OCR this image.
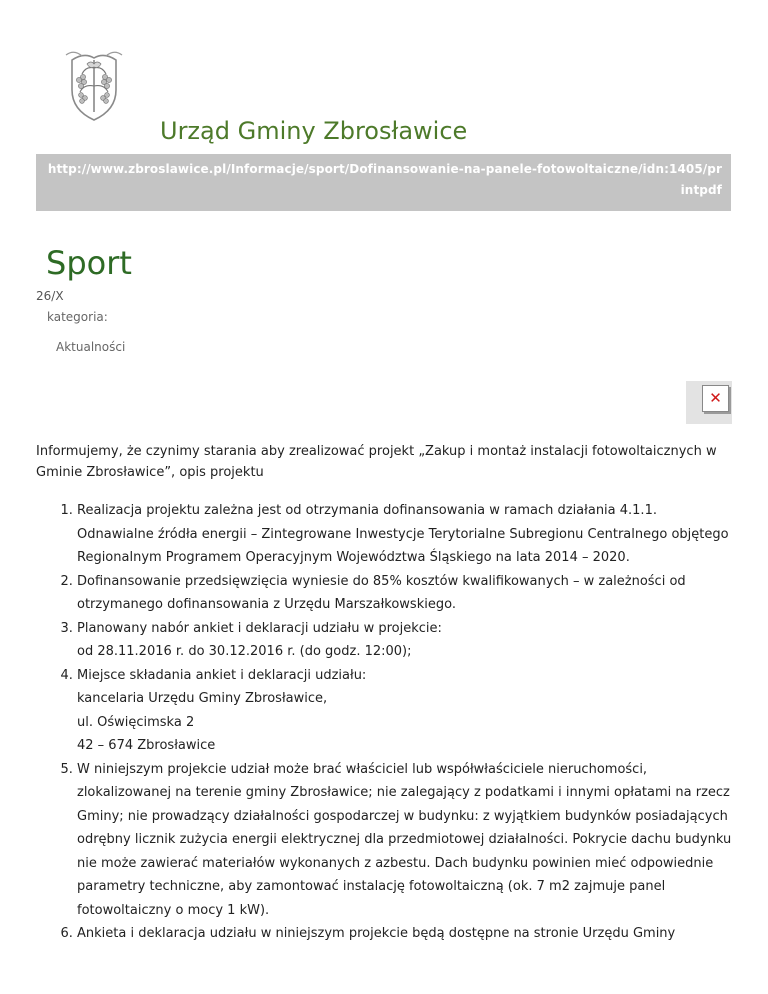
Urząd Gminy Zbrosławice
http://www.zbroslawice.pl/Informacje/sport/Dofinansowanie-na-panele-fotowoltaiczne/idn:1405/printpdf
Sport
26/X
kategoria:
Aktualności
✕
Informujemy, że czynimy starania aby zrealizować projekt „Zakup i montaż instalacji fotowoltaicznych w Gminie Zbrosławice”, opis projektu
1. Realizacja projektu zależna jest od otrzymania dofinansowania w ramach działania 4.1.1. Odnawialne źródła energii – Zintegrowane Inwestycje Terytorialne Subregionu Centralnego objętego Regionalnym Programem Operacyjnym Województwa Śląskiego na lata 2014 – 2020.
2. Dofinansowanie przedsięwzięcia wyniesie do 85% kosztów kwalifikowanych – w zależności od otrzymanego dofinansowania z Urzędu Marszałkowskiego.
3. Planowany nabór ankiet i deklaracji udziału w projekcie:
od 28.11.2016 r. do 30.12.2016 r. (do godz. 12:00);
4. Miejsce składania ankiet i deklaracji udziału:
kancelaria Urzędu Gminy Zbrosławice,
ul. Oświęcimska 2
42 – 674 Zbrosławice
5. W niniejszym projekcie udział może brać właściciel lub współwłaściciele nieruchomości, zlokalizowanej na terenie gminy Zbrosławice; nie zalegający z podatkami i innymi opłatami na rzecz Gminy; nie prowadzący działalności gospodarczej w budynku: z wyjątkiem budynków posiadających odrębny licznik zużycia energii elektrycznej dla przedmiotowej działalności. Pokrycie dachu budynku nie może zawierać materiałów wykonanych z azbestu. Dach budynku powinien mieć odpowiednie parametry techniczne, aby zamontować instalację fotowoltaiczną (ok. 7 m2 zajmuje panel fotowoltaiczny o mocy 1 kW).
6. Ankieta i deklaracja udziału w niniejszym projekcie będą dostępne na stronie Urzędu Gminy
